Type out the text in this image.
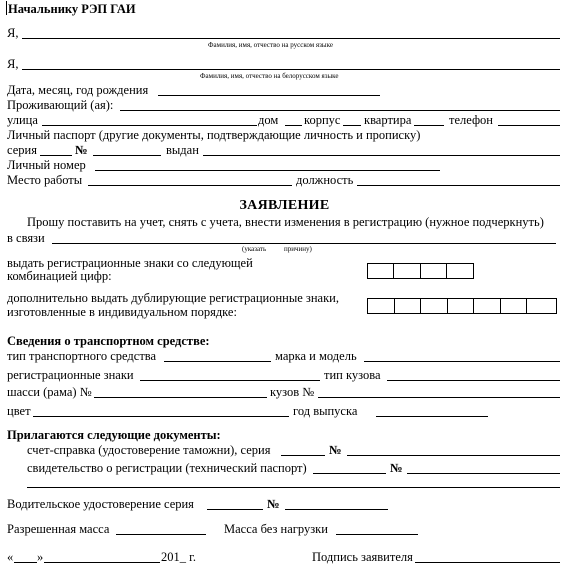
Начальнику РЭП ГАИ
Я,
Фамилия, имя, отчество на русском языке
Я,
Фамилия, имя, отчество на белорусском языке
Дата, месяц, год рождения
Проживающий (ая):
улица	дом корпус квартира	телефон
Личный паспорт (другие документы, подтверждающие личность и прописку)
серия	№	выдан
Личный номер
Место работы	должность
ЗАЯВЛЕНИЕ
Прошу поставить на учет, снять с учета, внести изменения в регистрацию (нужное подчеркнуть)
в связи
(указать	причину)
выдать регистрационные знаки со следующей
комбинацией цифр:
дополнительно выдать дублирующие регистрационные знаки,
изготовленные в индивидуальном порядке:
Сведения о транспортном средстве:
тип транспортного средства	марка и модель
регистрационные знаки	тип кузова
шасси (рама) №	кузов №
цвет	год выпуска
Прилагаются следующие документы:
счет-справка (удостоверение таможни), серия	№
свидетельство о регистрации (технический паспорт)	№
Водительское удостоверение серия	№
Разрешенная масса	Масса без нагрузки
« »	201_ г.	Подпись заявителя
